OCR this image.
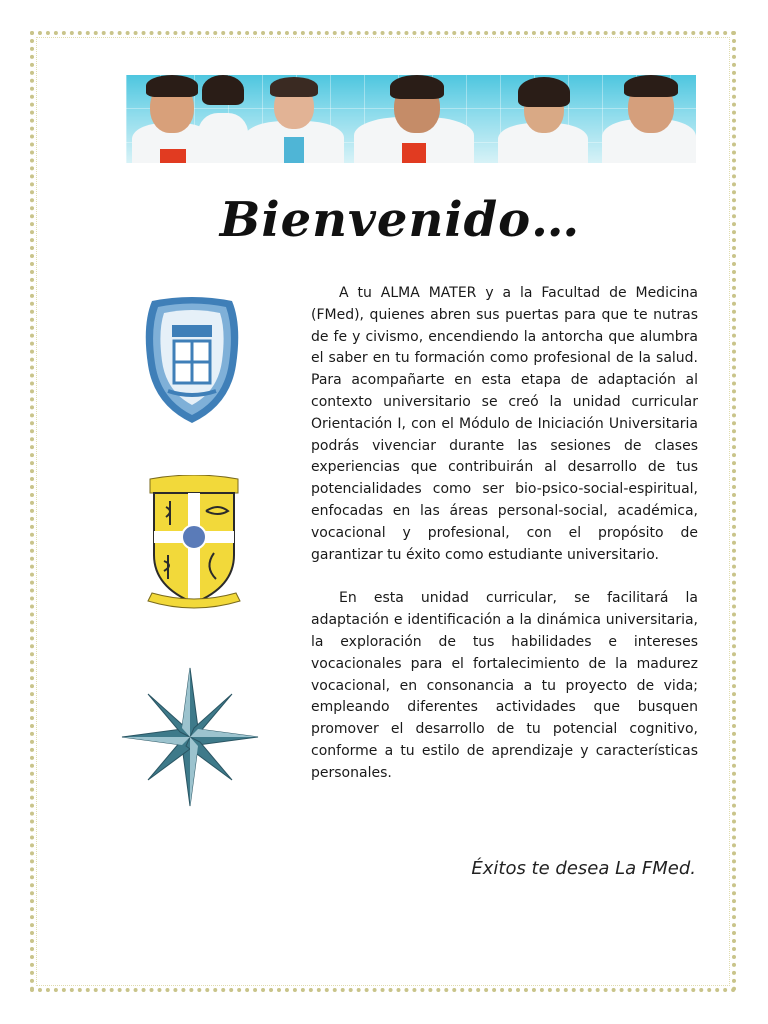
Bienvenido…

A tu ALMA MATER y a la Facultad de Medicina (FMed), quienes abren sus puertas para que te nutras de fe y civismo, encendiendo la antorcha que alumbra el saber en tu formación como profesional de la salud. Para acompañarte en esta etapa de adaptación al contexto universitario se creó la unidad curricular Orientación I, con el Módulo de Iniciación Universitaria podrás vivenciar durante las sesiones de clases experiencias que contribuirán al desarrollo de tus potencialidades como ser bio-psico-social-espiritual, enfocadas en las áreas personal-social, académica, vocacional y profesional, con el propósito de garantizar tu éxito como estudiante universitario.

En esta unidad curricular, se facilitará la adaptación e identificación a la dinámica universitaria, la exploración de tus habilidades e intereses vocacionales para el fortalecimiento de la madurez vocacional, en consonancia a tu proyecto de vida; empleando diferentes actividades que busquen promover el desarrollo de tu potencial cognitivo, conforme a tu estilo de aprendizaje y características personales.

Éxitos te desea La FMed.
